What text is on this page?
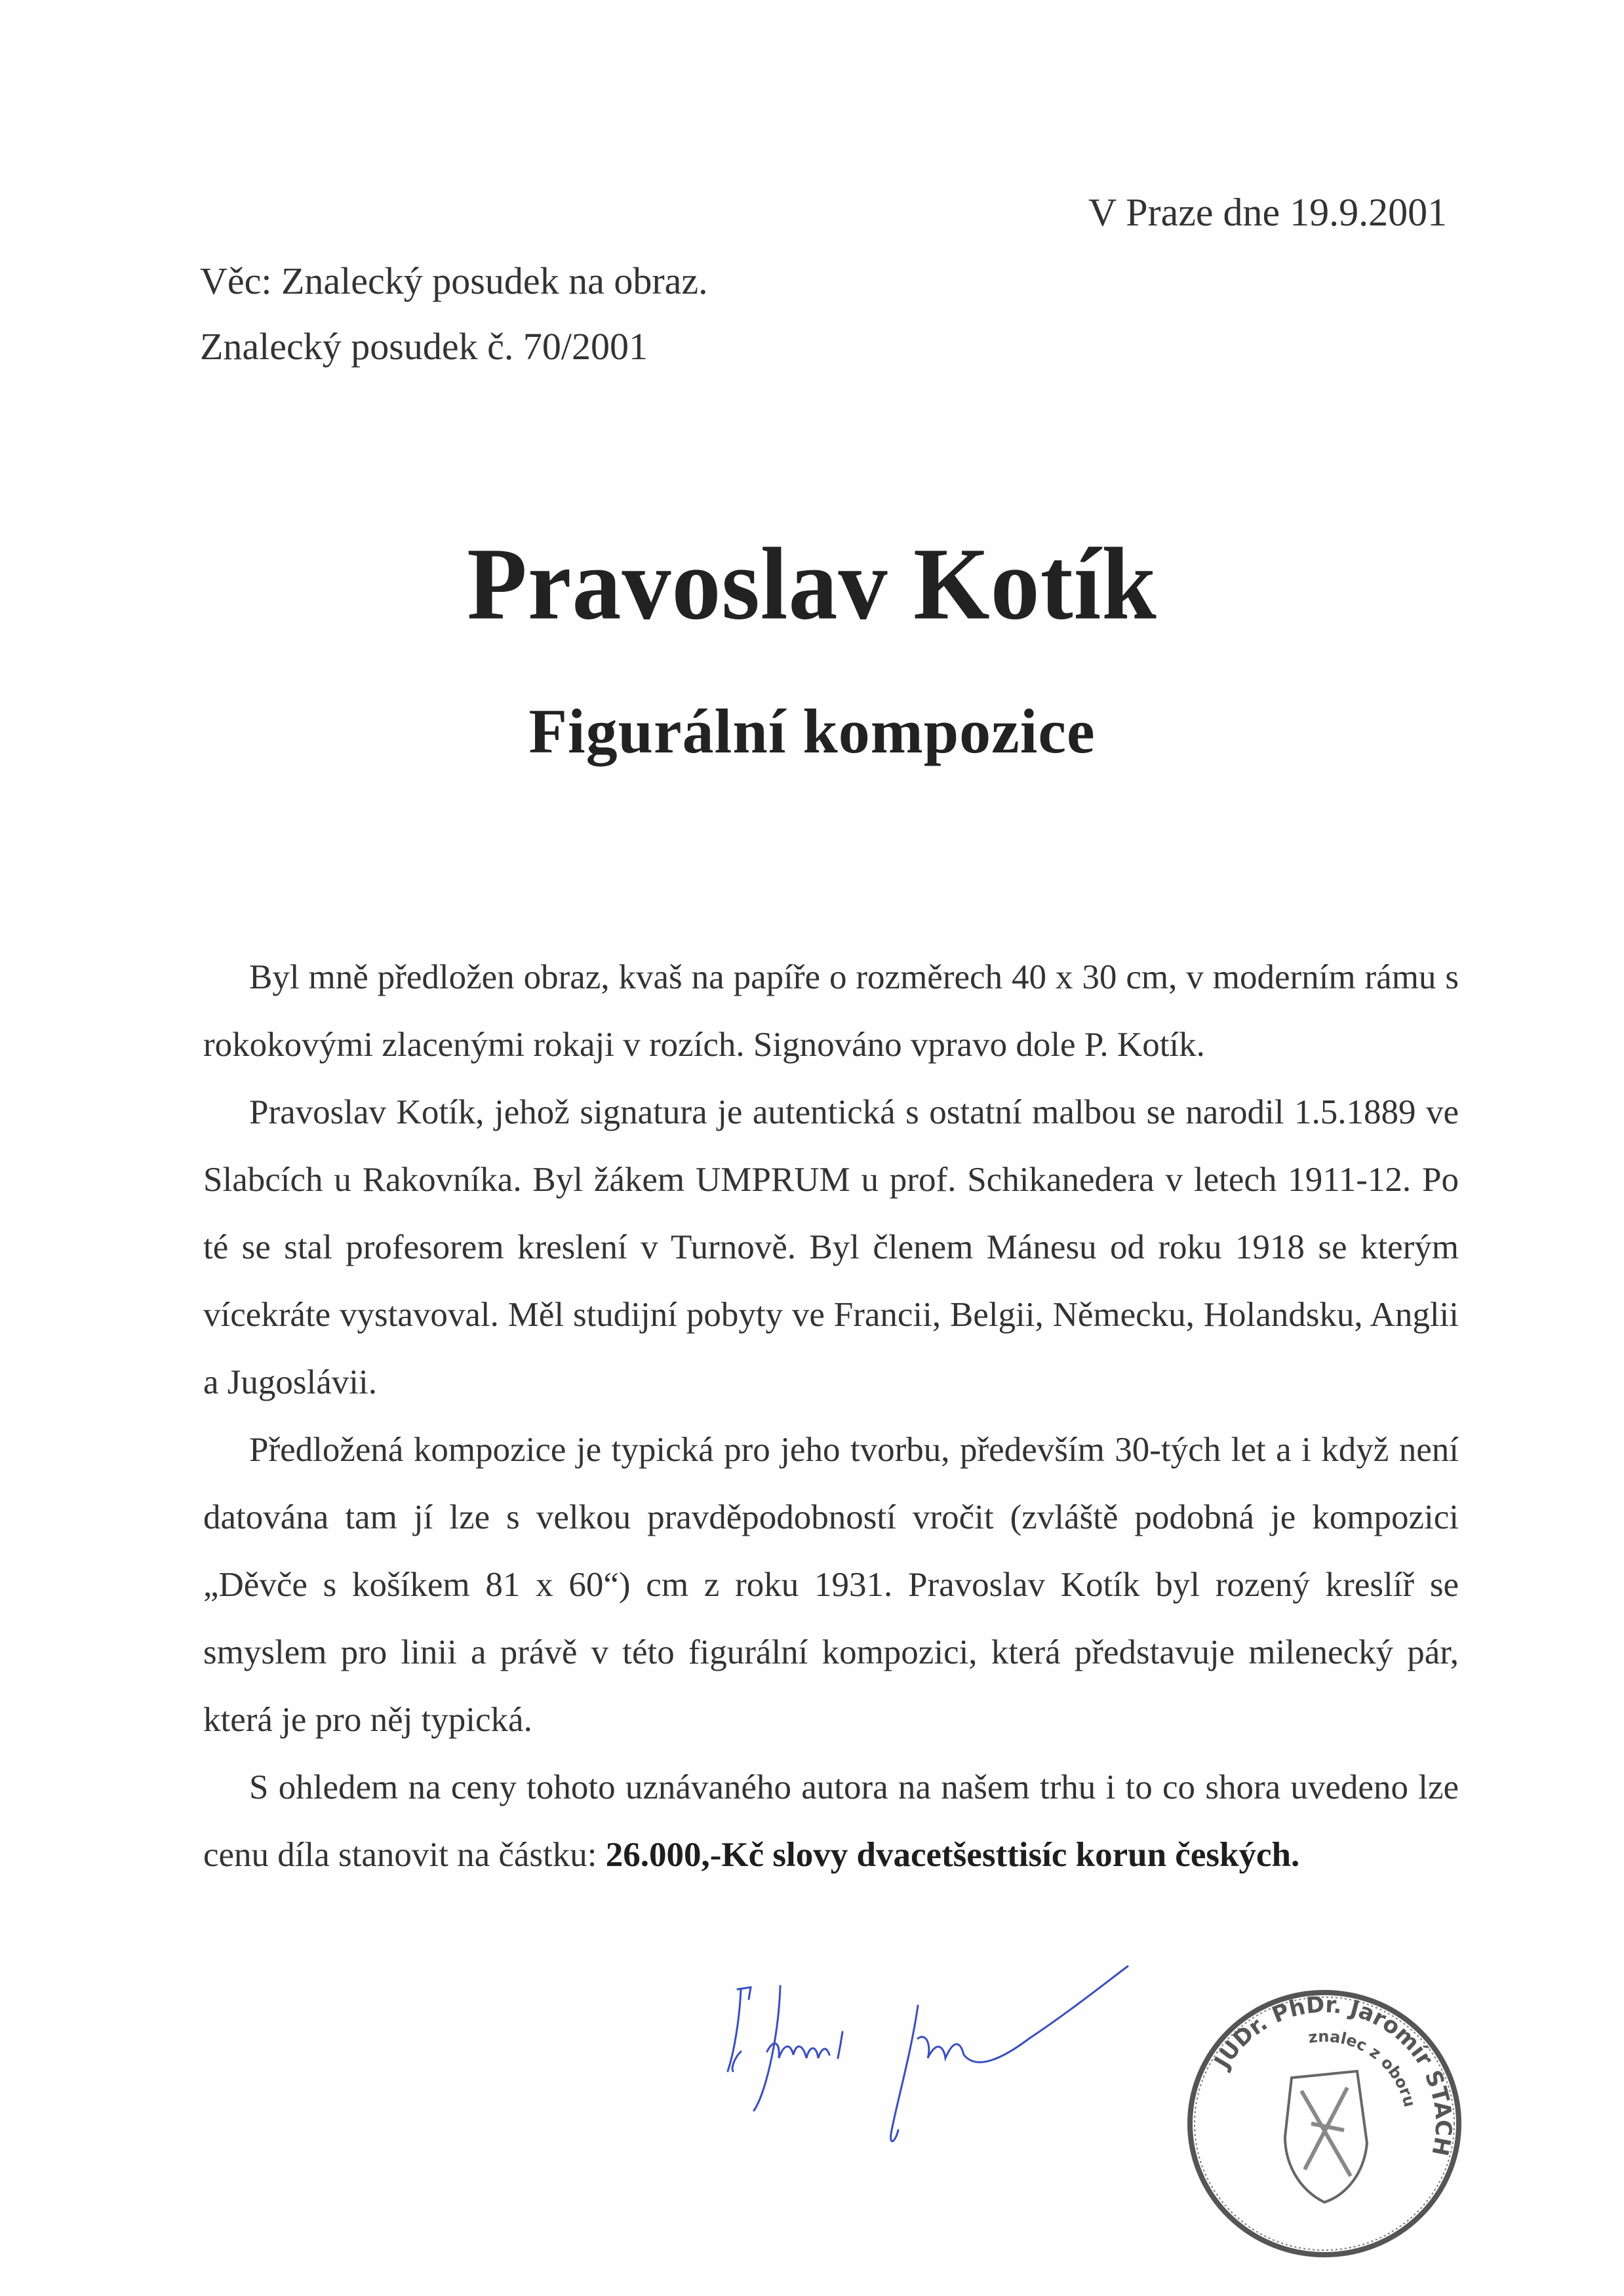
V Praze dne 19.9.2001
Věc: Znalecký posudek na obraz.
Znalecký posudek č. 70/2001
Pravoslav Kotík
Figurální kompozice

Byl mně předložen obraz, kvaš na papíře o rozměrech 40 x 30 cm, v moderním rámu s rokokovými zlacenými rokaji v rozích. Signováno vpravo dole P. Kotík.

Pravoslav Kotík, jehož signatura je autentická s ostatní malbou se narodil 1.5.1889 ve Slabcích u Rakovníka. Byl žákem UMPRUM u prof. Schikanedera v letech 1911-12. Po té se stal profesorem kreslení v Turnově. Byl členem Mánesu od roku 1918 se kterým vícekráte vystavoval. Měl studijní pobyty ve Francii, Belgii, Německu, Holandsku, Anglii a Jugoslávii.

Předložená kompozice je typická pro jeho tvorbu, především 30-tých let a i když není datována tam jí lze s velkou pravděpodobností vročit (zvláště podobná je kompozici „Děvče s košíkem 81 x 60“) cm z roku 1931. Pravoslav Kotík byl rozený kreslíř se smyslem pro linii a právě v této figurální kompozici, která představuje milenecký pár, která je pro něj typická.

S ohledem na ceny tohoto uznávaného autora na našem trhu i to co shora uvedeno lze cenu díla stanovit na částku: 26.000,-Kč slovy dvacetšesttisíc korun českých.

JUDr. PhDr. Jaromír STACH
znalec z oboru
